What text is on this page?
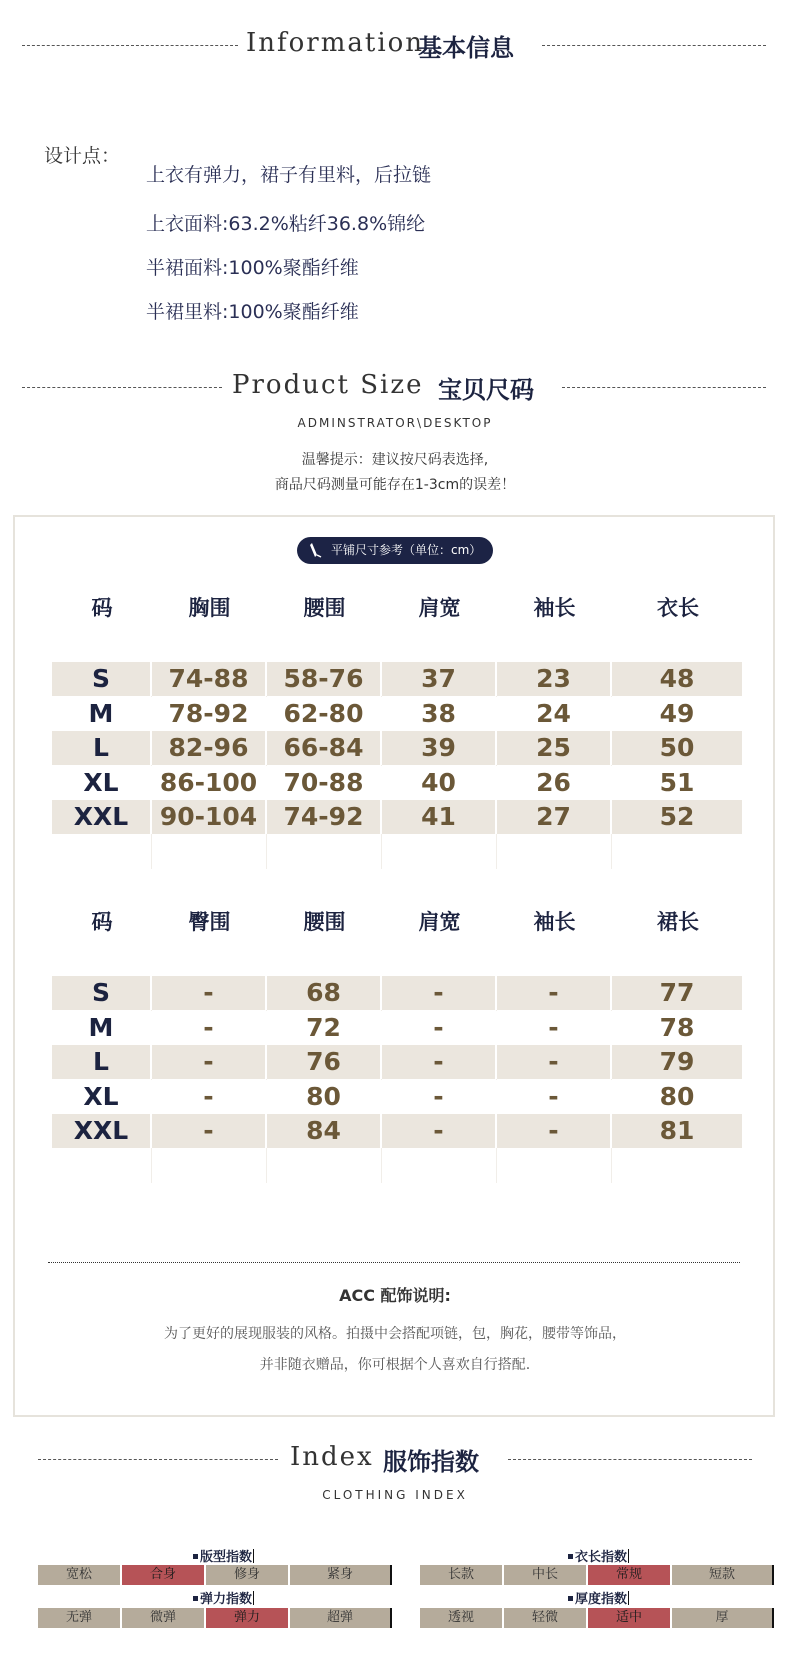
Information
基本信息
设计点：
上衣有弹力，裙子有里料，后拉链
上衣面料:63.2%粘纤36.8%锦纶
半裙面料:100%聚酯纤维
半裙里料:100%聚酯纤维
Product Size 宝贝尺码
ADMINSTRATOR\DESKTOP
温馨提示：建议按尺码表选择,
商品尺码测量可能存在1-3cm的误差！
平铺尺寸参考（单位：cm）
码	胸围	腰围	肩宽	袖长	衣长
S	74-88	58-76	37	23	48
M	78-92	62-80	38	24	49
L	82-96	66-84	39	25	50
XL	86-100	70-88	40	26	51
XXL	90-104	74-92	41	27	52
码	臀围	腰围	肩宽	袖长	裙长
S	-	68	-	-	77
M	-	72	-	-	78
L	-	76	-	-	79
XL	-	80	-	-	80
XXL	-	84	-	-	81
ACC 配饰说明:
为了更好的展现服装的风格。拍摄中会搭配项链，包，胸花，腰带等饰品，
并非随衣赠品，你可根据个人喜欢自行搭配.
Index 服饰指数
CLOTHING INDEX
版型指数
宽松	合身	修身	紧身
衣长指数
长款	中长	常规	短款
弹力指数
无弹	微弹	弹力	超弹
厚度指数
透视	轻微	适中	厚
